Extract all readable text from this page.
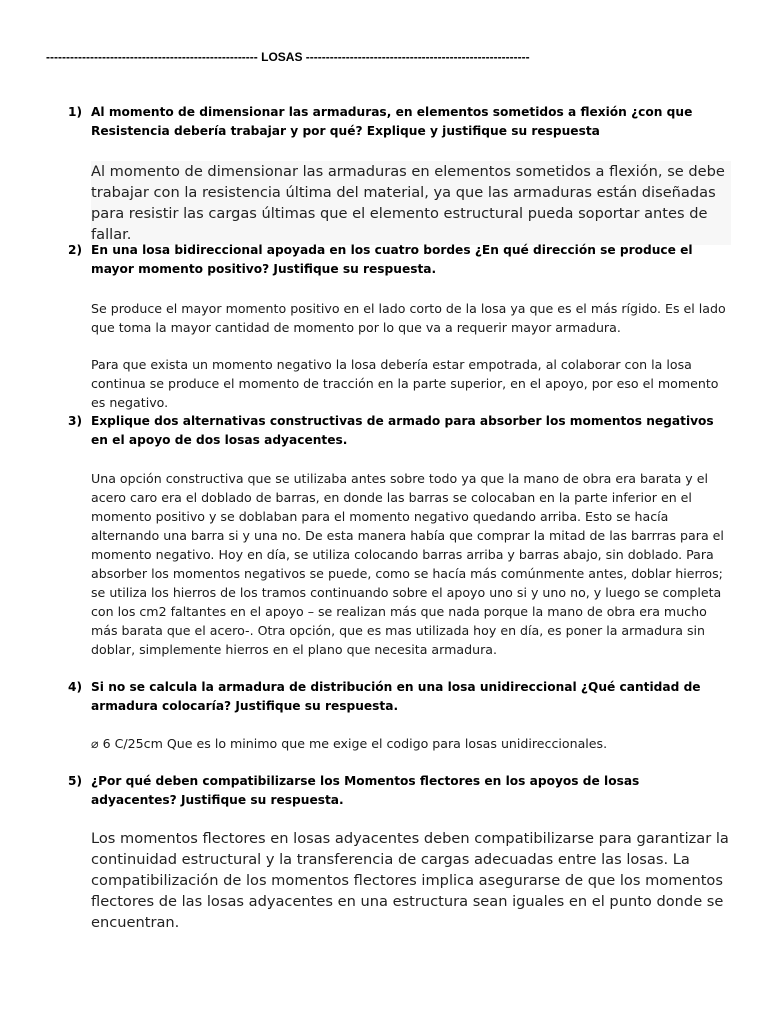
----------------------------------------------------- LOSAS --------------------------------------------------------
1) Al momento de dimensionar las armaduras, en elementos sometidos a flexión ¿con que Resistencia debería trabajar y por qué? Explique y justifique su respuesta
Al momento de dimensionar las armaduras en elementos sometidos a flexión, se debe trabajar con la resistencia última del material, ya que las armaduras están diseñadas para resistir las cargas últimas que el elemento estructural pueda soportar antes de fallar.
2) En una losa bidireccional apoyada en los cuatro bordes ¿En qué dirección se produce el mayor momento positivo? Justifique su respuesta.
Se produce el mayor momento positivo en el lado corto de la losa ya que es el más rígido. Es el lado que toma la mayor cantidad de momento por lo que va a requerir mayor armadura.
Para que exista un momento negativo la losa debería estar empotrada, al colaborar con la losa continua se produce el momento de tracción en la parte superior, en el apoyo, por eso el momento es negativo.
3) Explique dos alternativas constructivas de armado para absorber los momentos negativos en el apoyo de dos losas adyacentes.
Una opción constructiva que se utilizaba antes sobre todo ya que la mano de obra era barata y el acero caro era el doblado de barras, en donde las barras se colocaban en la parte inferior en el momento positivo y se doblaban para el momento negativo quedando arriba. Esto se hacía alternando una barra si y una no. De esta manera había que comprar la mitad de las barrras para el momento negativo. Hoy en día, se utiliza colocando barras arriba y barras abajo, sin doblado. Para absorber los momentos negativos se puede, como se hacía más comúnmente antes, doblar hierros; se utiliza los hierros de los tramos continuando sobre el apoyo uno si y uno no, y luego se completa con los cm2 faltantes en el apoyo – se realizan más que nada porque la mano de obra era mucho más barata que el acero-. Otra opción, que es mas utilizada hoy en día, es poner la armadura sin doblar, simplemente hierros en el plano que necesita armadura.
4) Si no se calcula la armadura de distribución en una losa unidireccional ¿Qué cantidad de armadura colocaría? Justifique su respuesta.
⌀ 6 C/25cm Que es lo minimo que me exige el codigo para losas unidireccionales.
5) ¿Por qué deben compatibilizarse los Momentos flectores en los apoyos de losas adyacentes? Justifique su respuesta.
Los momentos flectores en losas adyacentes deben compatibilizarse para garantizar la continuidad estructural y la transferencia de cargas adecuadas entre las losas. La compatibilización de los momentos flectores implica asegurarse de que los momentos flectores de las losas adyacentes en una estructura sean iguales en el punto donde se encuentran.
